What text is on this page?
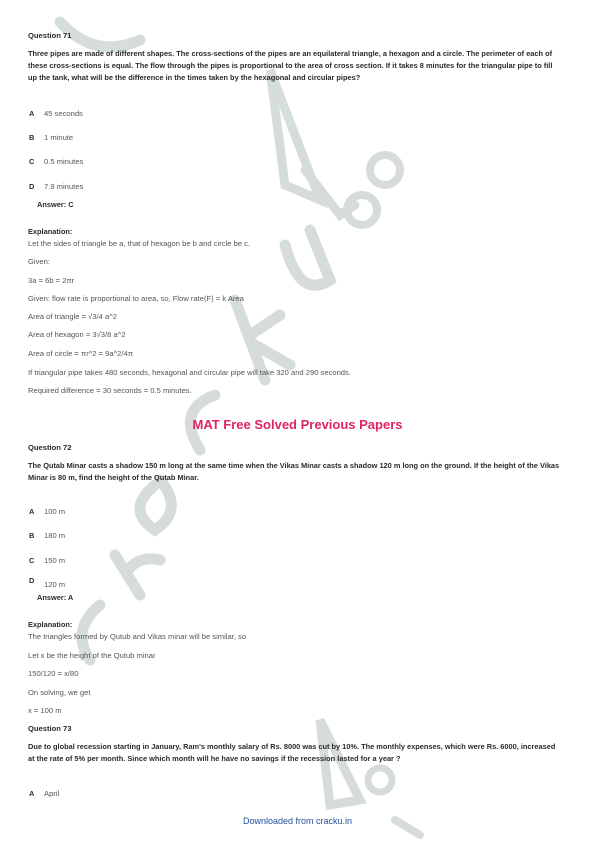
Question 71
Three pipes are made of different shapes. The cross-sections of the pipes are an equilateral triangle, a hexagon and a circle. The perimeter of each of these cross-sections is equal. The flow through the pipes is proportional to the area of cross section. If it takes 8 minutes for the triangular pipe to fill up the tank, what will be the difference in the times taken by the hexagonal and circular pipes?
A 45 seconds
B 1 minute
C 0.5 minutes
D 7.9 minutes
Answer: C
Explanation:
Let the sides of triangle be a, that of hexagon be b and circle be c.
Given:
3a = 6b = 2πr
Given: flow rate is proportional to area, so, Flow rate(F) = k Area
Area of triangle = √3/4 a^2
Area of hexagon = 3√3/8 a^2
Area of circle = πr^2 = 9a^2/4π
If triangular pipe takes 480 seconds, hexagonal and circular pipe will take 320 and 290 seconds.
Required difference = 30 seconds = 0.5 minutes.
MAT Free Solved Previous Papers
Question 72
The Qutab Minar casts a shadow 150 m long at the same time when the Vikas Minar casts a shadow 120 m long on the ground. If the height of the Vikas Minar is 80 m, find the height of the Qutab Minar.
A 100 m
B 180 m
C 150 m
D 120 m
Answer: A
Explanation:
The triangles formed by Qutub and Vikas minar will be similar, so
Let x be the height of the Qutub minar
150/120 = x/80
On solving, we get
x = 100 m
Question 73
Due to global recession starting in January, Ram's monthly salary of Rs. 8000 was cut by 10%. The monthly expenses, which were Rs. 6000, increased at the rate of 5% per month. Since which month will he have no savings if the recession lasted for a year ?
A April
Downloaded from cracku.in
